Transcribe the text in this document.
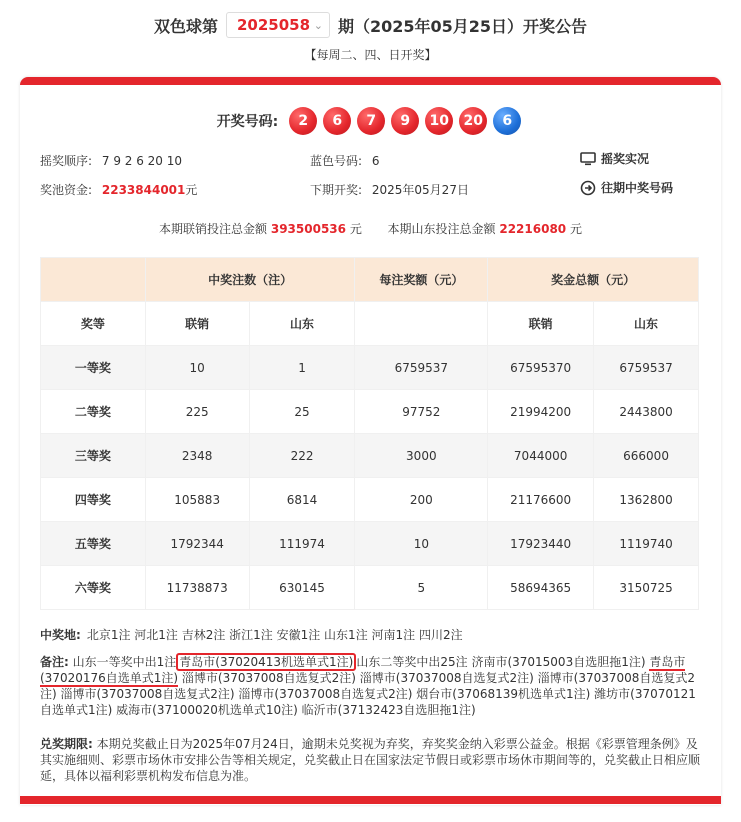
双色球第 2025058 ⌄ 期（2025年05月25日）开奖公告
【每周二、四、日开奖】
开奖号码:	2	6	7	9	10	20	6
摇奖顺序: 7 9 2 6 20 10	蓝色号码: 6	摇奖实况
奖池资金: 2233844001元	下期开奖: 2025年05月27日	往期中奖号码
本期联销投注总金额 393500536 元 本期山东投注总金额 22216080 元
	中奖注数（注）		每注奖额（元）	奖金总额（元）	
奖等	联销	山东		联销	山东
一等奖	10	1	6759537	67595370	6759537
二等奖	225	25	97752	21994200	2443800
三等奖	2348	222	3000	7044000	666000
四等奖	105883	6814	200	21176600	1362800
五等奖	1792344	111974	10	17923440	1119740
六等奖	11738873	630145	5	58694365	3150725
中奖地: 北京1注 河北1注 吉林2注 浙江1注 安徽1注 山东1注 河南1注 四川2注
备注: 山东一等奖中出1注 青岛市(37020413机选单式1注) 山东二等奖中出25注 济南市(37015003自选胆拖1注) 青岛市(37020176自选单式1注) 淄博市(37037008自选复式2注) 淄博市(37037008自选复式2注) 淄博市(37037008自选复式2注) 淄博市(37037008自选复式2注) 淄博市(37037008自选复式2注) 烟台市(37068139机选单式1注) 潍坊市(37070121自选单式1注) 威海市(37100020机选单式10注) 临沂市(37132423自选胆拖1注)
兑奖期限: 本期兑奖截止日为2025年07月24日，逾期未兑奖视为弃奖，弃奖奖金纳入彩票公益金。根据《彩票管理条例》及其实施细则、彩票市场休市安排公告等相关规定，兑奖截止日在国家法定节假日或彩票市场休市期间等的，兑奖截止日相应顺延，具体以福利彩票机构发布信息为准。
